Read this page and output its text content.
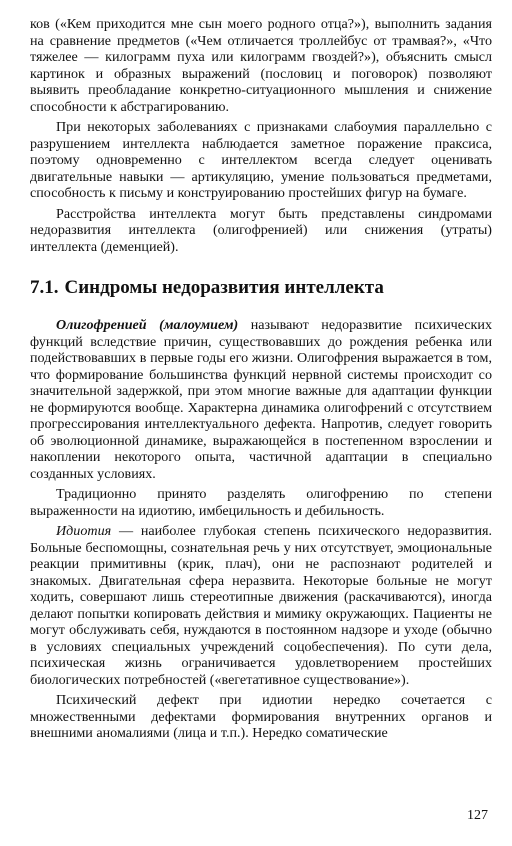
ков («Кем приходится мне сын моего родного отца?»), выполнить задания на сравнение предметов («Чем отличается троллейбус от трамвая?», «Что тяжелее — килограмм пуха или килограмм гвоздей?»), объяснить смысл картинок и образных выражений (пословиц и поговорок) позволяют выявить преобладание конкретно-ситуационного мышления и снижение способности к абстрагированию.

При некоторых заболеваниях с признаками слабоумия параллельно с разрушением интеллекта наблюдается заметное поражение праксиса, поэтому одновременно с интеллектом всегда следует оценивать двигательные навыки — артикуляцию, умение пользоваться предметами, способность к письму и конструированию простейших фигур на бумаге.

Расстройства интеллекта могут быть представлены синдромами недоразвития интеллекта (олигофренией) или снижения (утраты) интеллекта (деменцией).

7.1. Синдромы недоразвития интеллекта

Олигофренией (малоумием) называют недоразвитие психических функций вследствие причин, существовавших до рождения ребенка или подействовавших в первые годы его жизни. Олигофрения выражается в том, что формирование большинства функций нервной системы происходит со значительной задержкой, при этом многие важные для адаптации функции не формируются вообще. Характерна динамика олигофрений с отсутствием прогрессирования интеллектуального дефекта. Напротив, следует говорить об эволюционной динамике, выражающейся в постепенном взрослении и накоплении некоторого опыта, частичной адаптации в специально созданных условиях.

Традиционно принято разделять олигофрению по степени выраженности на идиотию, имбецильность и дебильность.

Идиотия — наиболее глубокая степень психического недоразвития. Больные беспомощны, сознательная речь у них отсутствует, эмоциональные реакции примитивны (крик, плач), они не распознают родителей и знакомых. Двигательная сфера неразвита. Некоторые больные не могут ходить, совершают лишь стереотипные движения (раскачиваются), иногда делают попытки копировать действия и мимику окружающих. Пациенты не могут обслуживать себя, нуждаются в постоянном надзоре и уходе (обычно в условиях специальных учреждений соцобеспечения). По сути дела, психическая жизнь ограничивается удовлетворением простейших биологических потребностей («вегетативное существование»).

Психический дефект при идиотии нередко сочетается с множественными дефектами формирования внутренних органов и внешними аномалиями (лица и т.п.). Нередко соматические

127
